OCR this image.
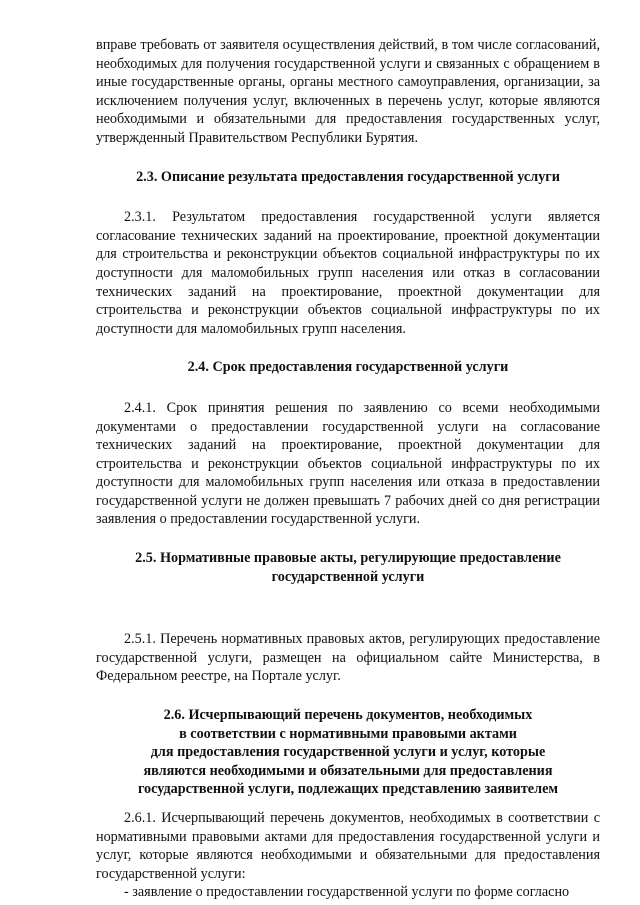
вправе требовать от заявителя осуществления действий, в том числе согласований, необходимых для получения государственной услуги и связанных с обращением в иные государственные органы, органы местного самоуправления, организации, за исключением получения услуг, включенных в перечень услуг, которые являются необходимыми и обязательными для предоставления государственных услуг, утвержденный Правительством Республики Бурятия.

2.3. Описание результата предоставления государственной услуги

2.3.1. Результатом предоставления государственной услуги является согласование технических заданий на проектирование, проектной документации для строительства и реконструкции объектов социальной инфраструктуры по их доступности для маломобильных групп населения или отказ в согласовании технических заданий на проектирование, проектной документации для строительства и реконструкции объектов социальной инфраструктуры по их доступности для маломобильных групп населения.

2.4. Срок предоставления государственной услуги

2.4.1. Срок принятия решения по заявлению со всеми необходимыми документами о предоставлении государственной услуги на согласование технических заданий на проектирование, проектной документации для строительства и реконструкции объектов социальной инфраструктуры по их доступности для маломобильных групп населения или отказа в предоставлении государственной услуги не должен превышать 7 рабочих дней со дня регистрации заявления о предоставлении государственной услуги.

2.5. Нормативные правовые акты, регулирующие предоставление
государственной услуги

2.5.1. Перечень нормативных правовых актов, регулирующих предоставление государственной услуги, размещен на официальном сайте Министерства, в Федеральном реестре, на Портале услуг.

2.6. Исчерпывающий перечень документов, необходимых
в соответствии с нормативными правовыми актами
для предоставления государственной услуги и услуг, которые
являются необходимыми и обязательными для предоставления
государственной услуги, подлежащих представлению заявителем

2.6.1. Исчерпывающий перечень документов, необходимых в соответствии с нормативными правовыми актами для предоставления государственной услуги и услуг, которые являются необходимыми и обязательными для предоставления государственной услуги:

- заявление о предоставлении государственной услуги по форме согласно
